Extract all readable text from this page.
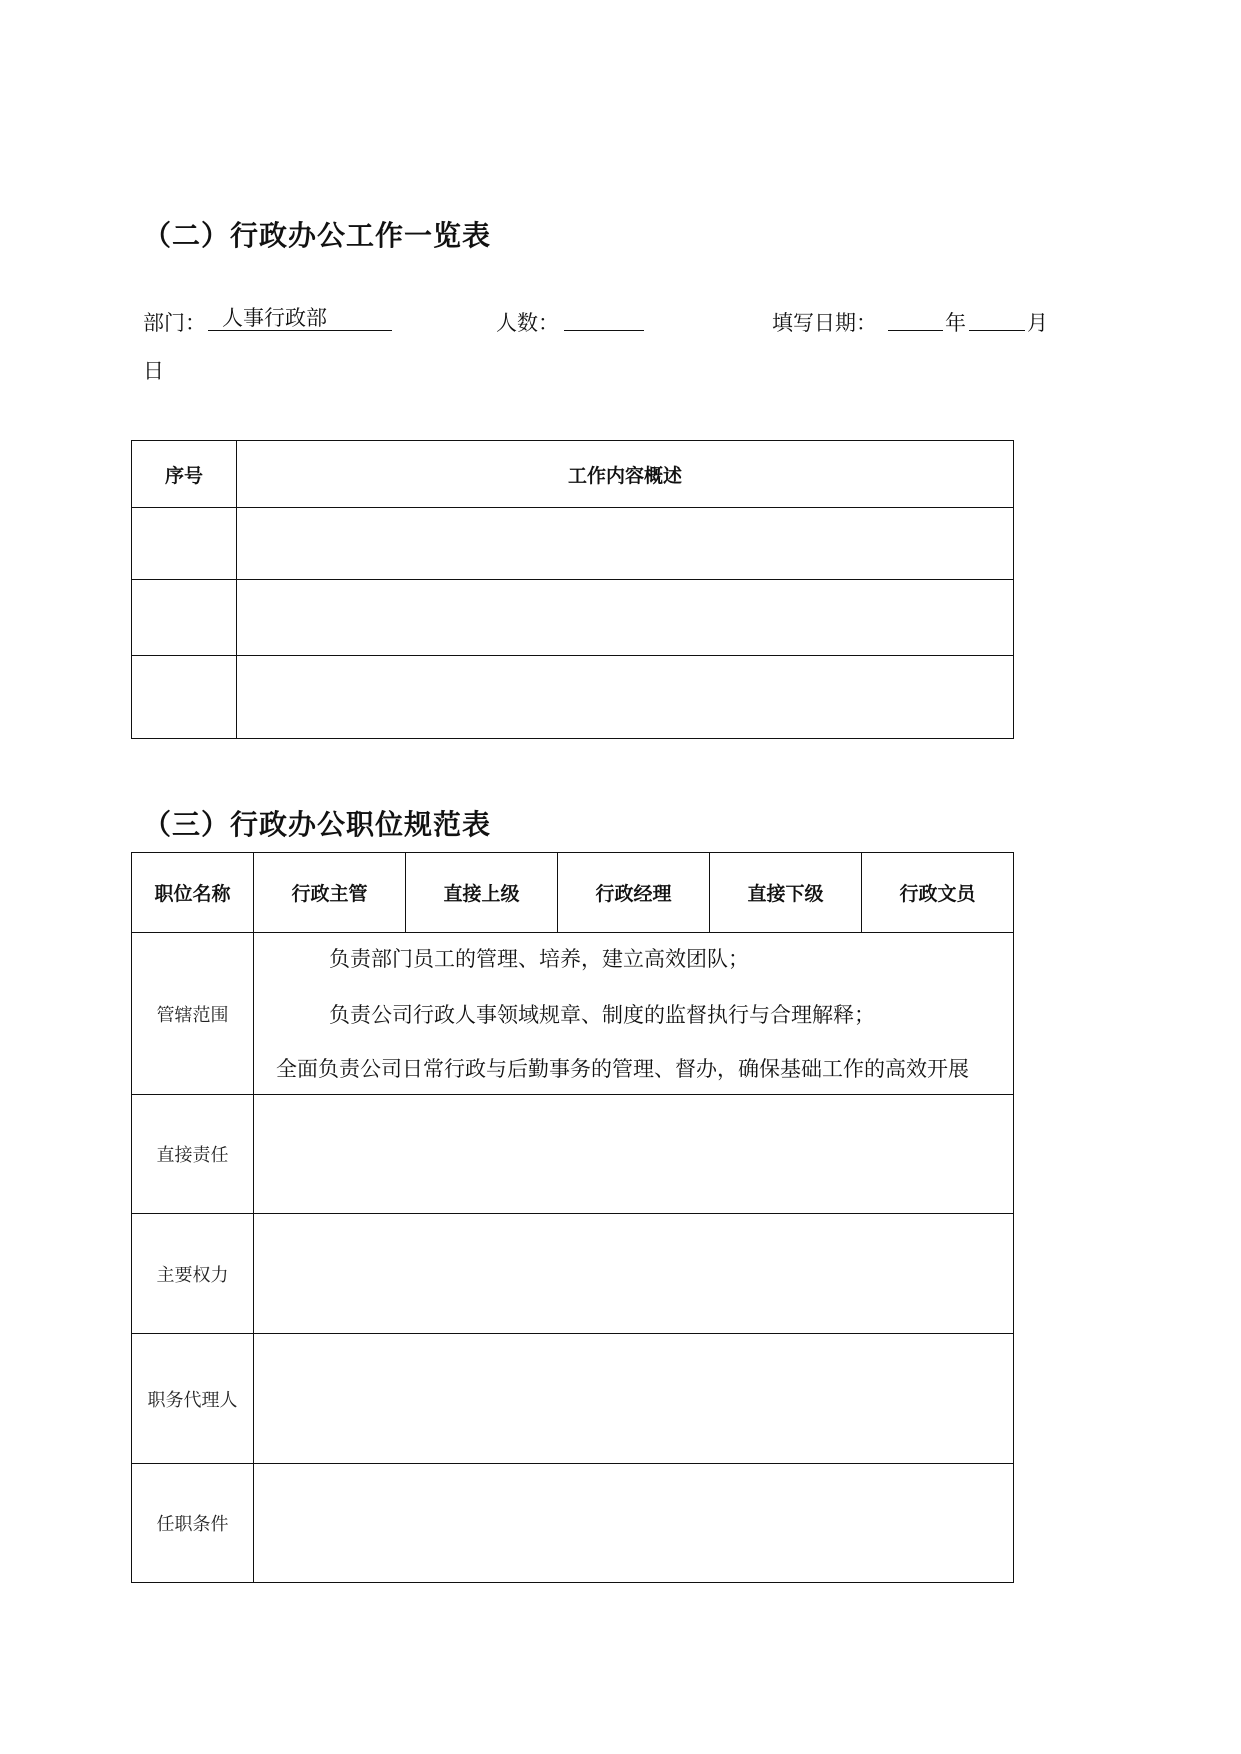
（二）行政办公工作一览表
部门： 人事行政部	人数：	填写日期：	年	月
日
序号	工作内容概述

（三）行政办公职位规范表
职位名称	行政主管	直接上级	行政经理	直接下级	行政文员
管辖范围	负责部门员工的管理、培养，建立高效团队；

负责公司行政人事领域规章、制度的监督执行与合理解释；

全面负责公司日常行政与后勤事务的管理、督办，确保基础工作的高效开展				

直接责任					
主要权力					
职务代理人					
任职条件					
